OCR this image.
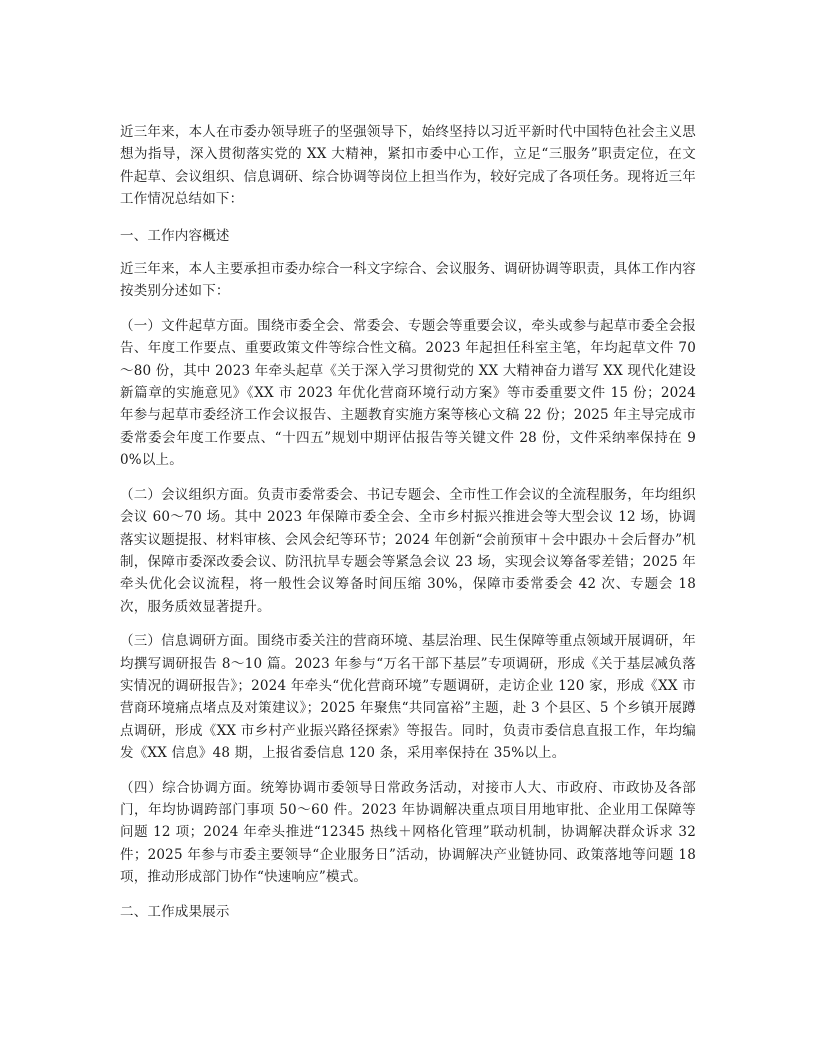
近三年来，本人在市委办领导班子的坚强领导下，始终坚持以习近平新时代中国特色社会主义思想为指导，深入贯彻落实党的 XX 大精神，紧扣市委中心工作，立足“三服务”职责定位，在文件起草、会议组织、信息调研、综合协调等岗位上担当作为，较好完成了各项任务。现将近三年工作情况总结如下：

一、工作内容概述

近三年来，本人主要承担市委办综合一科文字综合、会议服务、调研协调等职责，具体工作内容按类别分述如下：

（一）文件起草方面。围绕市委全会、常委会、专题会等重要会议，牵头或参与起草市委全会报告、年度工作要点、重要政策文件等综合性文稿。2023 年起担任科室主笔，年均起草文件 70～80 份，其中 2023 年牵头起草《关于深入学习贯彻党的 XX 大精神奋力谱写 XX 现代化建设新篇章的实施意见》《XX 市 2023 年优化营商环境行动方案》等市委重要文件 15 份；2024 年参与起草市委经济工作会议报告、主题教育实施方案等核心文稿 22 份；2025 年主导完成市委常委会年度工作要点、“十四五”规划中期评估报告等关键文件 28 份，文件采纳率保持在 90%以上。

（二）会议组织方面。负责市委常委会、书记专题会、全市性工作会议的全流程服务，年均组织会议 60～70 场。其中 2023 年保障市委全会、全市乡村振兴推进会等大型会议 12 场，协调落实议题提报、材料审核、会风会纪等环节；2024 年创新“会前预审＋会中跟办＋会后督办”机制，保障市委深改委会议、防汛抗旱专题会等紧急会议 23 场，实现会议筹备零差错；2025 年牵头优化会议流程，将一般性会议筹备时间压缩 30%，保障市委常委会 42 次、专题会 18 次，服务质效显著提升。

（三）信息调研方面。围绕市委关注的营商环境、基层治理、民生保障等重点领域开展调研，年均撰写调研报告 8～10 篇。2023 年参与“万名干部下基层”专项调研，形成《关于基层减负落实情况的调研报告》；2024 年牵头“优化营商环境”专题调研，走访企业 120 家，形成《XX 市营商环境痛点堵点及对策建议》；2025 年聚焦“共同富裕”主题，赴 3 个县区、5 个乡镇开展蹲点调研，形成《XX 市乡村产业振兴路径探索》等报告。同时，负责市委信息直报工作，年均编发《XX 信息》48 期，上报省委信息 120 条，采用率保持在 35%以上。

（四）综合协调方面。统筹协调市委领导日常政务活动，对接市人大、市政府、市政协及各部门，年均协调跨部门事项 50～60 件。2023 年协调解决重点项目用地审批、企业用工保障等问题 12 项；2024 年牵头推进“12345 热线＋网格化管理”联动机制，协调解决群众诉求 32 件；2025 年参与市委主要领导“企业服务日”活动，协调解决产业链协同、政策落地等问题 18 项，推动形成部门协作“快速响应”模式。

二、工作成果展示
